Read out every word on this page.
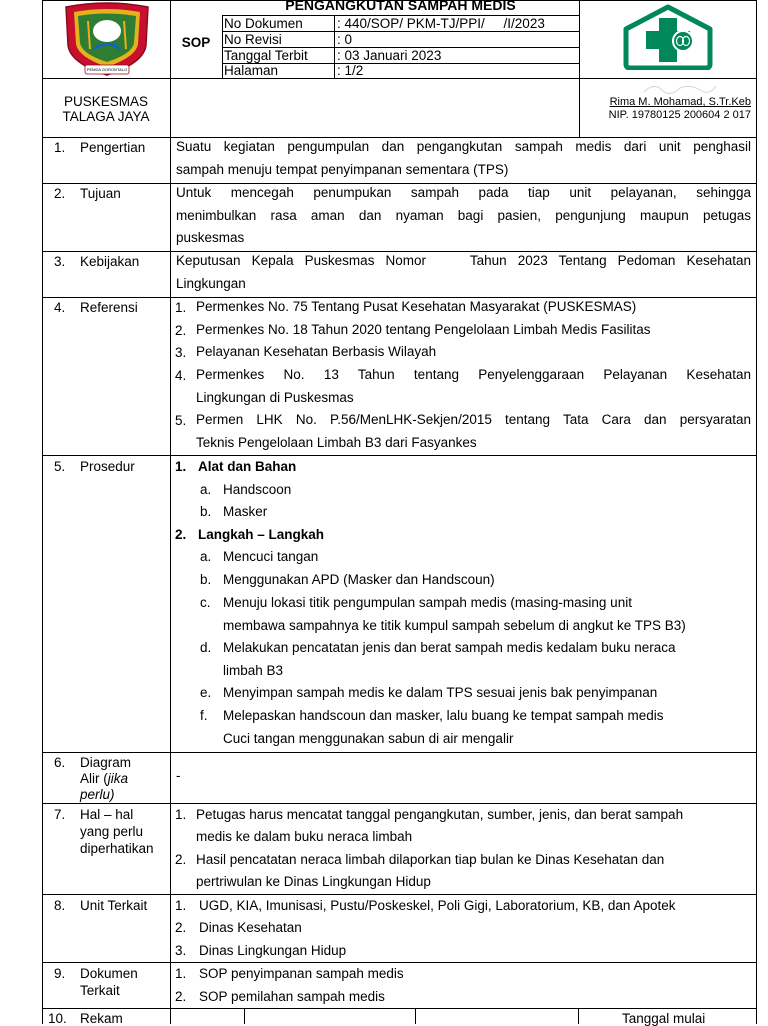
PEMDA GORONTALO
PENGANGKUTAN SAMPAH MEDIS
SOP
No Dokumen	: 440/SOP/ PKM-TJ/PPI/     /I/2023
No Revisi	: 0
Tanggal Terbit : 03 Januari 2023
Halaman	: 1/2
PUSKESMAS
TALAGA JAYA
Rima M. Mohamad, S.Tr.Keb
NIP. 19780125 200604 2 017
1. Pengertian Suatu kegiatan pengumpulan dan pengangkutan sampah medis dari unit penghasil
sampah menuju tempat penyimpanan sementara (TPS)
2. Tujuan	Untuk mencegah penumpukan sampah pada tiap unit pelayanan, sehingga
menimbulkan rasa aman dan nyaman bagi pasien, pengunjung maupun petugas
puskesmas
3. Kebijakan	Keputusan Kepala Puskesmas Nomor    Tahun 2023 Tentang Pedoman Kesehatan
Lingkungan
4. Referensi	1. Permenkes No. 75 Tentang Pusat Kesehatan Masyarakat (PUSKESMAS)
2. Permenkes No. 18 Tahun 2020 tentang Pengelolaan Limbah Medis Fasilitas
3. Pelayanan Kesehatan Berbasis Wilayah
4. Permenkes No. 13 Tahun tentang Penyelenggaraan Pelayanan Kesehatan
Lingkungan di Puskesmas
5. Permen LHK No. P.56/MenLHK-Sekjen/2015 tentang Tata Cara dan persyaratan
Teknis Pengelolaan Limbah B3 dari Fasyankes
5. Prosedur	1. Alat dan Bahan
a. Handscoon
b. Masker
2. Langkah – Langkah
a. Mencuci tangan
b. Menggunakan APD (Masker dan Handscoun)
c. Menuju lokasi titik pengumpulan sampah medis (masing-masing unit
membawa sampahnya ke titik kumpul sampah sebelum di angkut ke TPS B3)
d. Melakukan pencatatan jenis dan berat sampah medis kedalam buku neraca
limbah B3
e. Menyimpan sampah medis ke dalam TPS sesuai jenis bak penyimpanan
f. Melepaskan handscoun dan masker, lalu buang ke tempat sampah medis
Cuci tangan menggunakan sabun di air mengalir
6. Diagram
Alir (jika
perlu)
-
7. Hal – hal
yang perlu
diperhatikan
1. Petugas harus mencatat tanggal pengangkutan, sumber, jenis, dan berat sampah
medis ke dalam buku neraca limbah
2. Hasil pencatatan neraca limbah dilaporkan tiap bulan ke Dinas Kesehatan dan
pertriwulan ke Dinas Lingkungan Hidup
8. Unit Terkait 1. UGD, KIA, Imunisasi, Pustu/Poskeskel, Poli Gigi, Laboratorium, KB, dan Apotek
2. Dinas Kesehatan
3. Dinas Lingkungan Hidup
9. Dokumen
Terkait
1. SOP penyimpanan sampah medis
2. SOP pemilahan sampah medis
10. Rekam	Tanggal mulai
